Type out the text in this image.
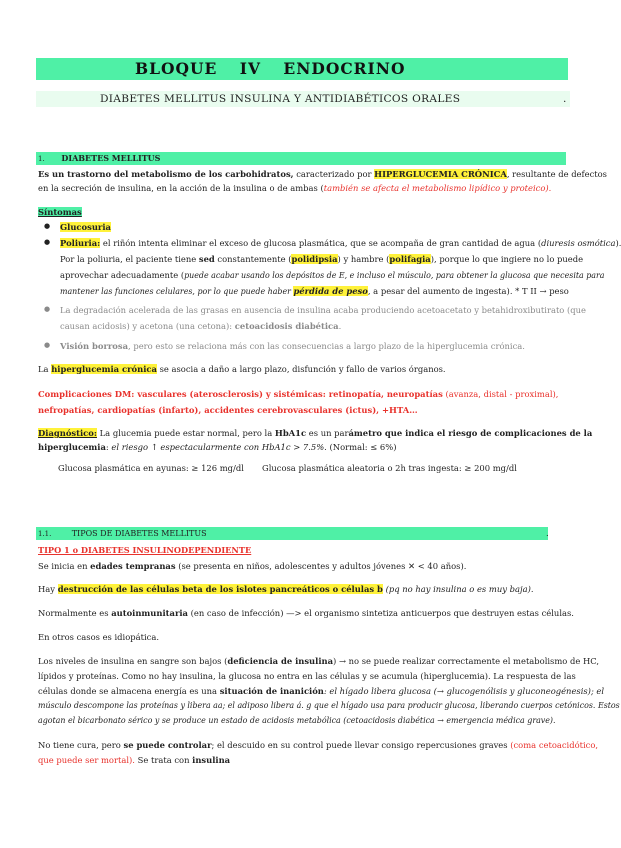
BLOQUE IV ENDOCRINO
DIABETES MELLITUS INSULINA Y ANTIDIABÉTICOS ORALES	.
1. DIABETES MELLITUS
Es un trastorno del metabolismo de los carbohidratos, caracterizado por HIPERGLUCEMIA CRÓNICA, resultante de defectos
en la secreción de insulina, en la acción de la insulina o de ambas (también se afecta el metabolismo lipídico y proteico).
Síntomas
● Glucosuria
● Poliuria: el riñón intenta eliminar el exceso de glucosa plasmática, que se acompaña de gran cantidad de agua (diuresis osmótica).
Por la poliuria, el paciente tiene sed constantemente (polidipsia) y hambre (polifagia), porque lo que ingiere no lo puede
aprovechar adecuadamente (puede acabar usando los depósitos de E, e incluso el músculo, para obtener la glucosa que necesita para
mantener las funciones celulares, por lo que puede haber pérdida de peso, a pesar del aumento de ingesta). * T II → peso
● La degradación acelerada de las grasas en ausencia de insulina acaba produciendo acetoacetato y betahidroxibutirato (que
causan acidosis) y acetona (una cetona): cetoacidosis diabética.
● Visión borrosa, pero esto se relaciona más con las consecuencias a largo plazo de la hiperglucemia crónica.
La hiperglucemia crónica se asocia a daño a largo plazo, disfunción y fallo de varios órganos.
Complicaciones DM: vasculares (aterosclerosis) y sistémicas: retinopatía, neuropatías (avanza, distal - proximal),
nefropatías, cardiopatías (infarto), accidentes cerebrovasculares (ictus), +HTA…
Diagnóstico: La glucemia puede estar normal, pero la HbA1c es un parámetro que indica el riesgo de complicaciones de la
hiperglucemia: el riesgo ↑ espectacularmente con HbA1c > 7.5%. (Normal: ≤ 6%)
Glucosa plasmática en ayunas: ≥ 126 mg/dl Glucosa plasmática aleatoria o 2h tras ingesta: ≥ 200 mg/dl
1.1.	TIPOS DE DIABETES MELLITUS	.
TIPO 1 o DIABETES INSULINODEPENDIENTE
Se inicia en edades tempranas (se presenta en niños, adolescentes y adultos jóvenes ✕ < 40 años).
Hay destrucción de las células beta de los islotes pancreáticos o células b (pq no hay insulina o es muy baja).
Normalmente es autoinmunitaria (en caso de infección) —> el organismo sintetiza anticuerpos que destruyen estas células.
En otros casos es idiopática.
Los niveles de insulina en sangre son bajos (deficiencia de insulina) → no se puede realizar correctamente el metabolismo de HC,
lípidos y proteínas. Como no hay insulina, la glucosa no entra en las células y se acumula (hiperglucemia). La respuesta de las
células donde se almacena energía es una situación de inanición: el hígado libera glucosa (→ glucogenólisis y gluconeogénesis); el
músculo descompone las proteínas y libera aa; el adiposo libera á. g que el hígado usa para producir glucosa, liberando cuerpos cetónicos. Estos
agotan el bicarbonato sérico y se produce un estado de acidosis metabólica (cetoacidosis diabética → emergencia médica grave).
No tiene cura, pero se puede controlar; el descuido en su control puede llevar consigo repercusiones graves (coma cetoacidótico,
que puede ser mortal). Se trata con insulina
